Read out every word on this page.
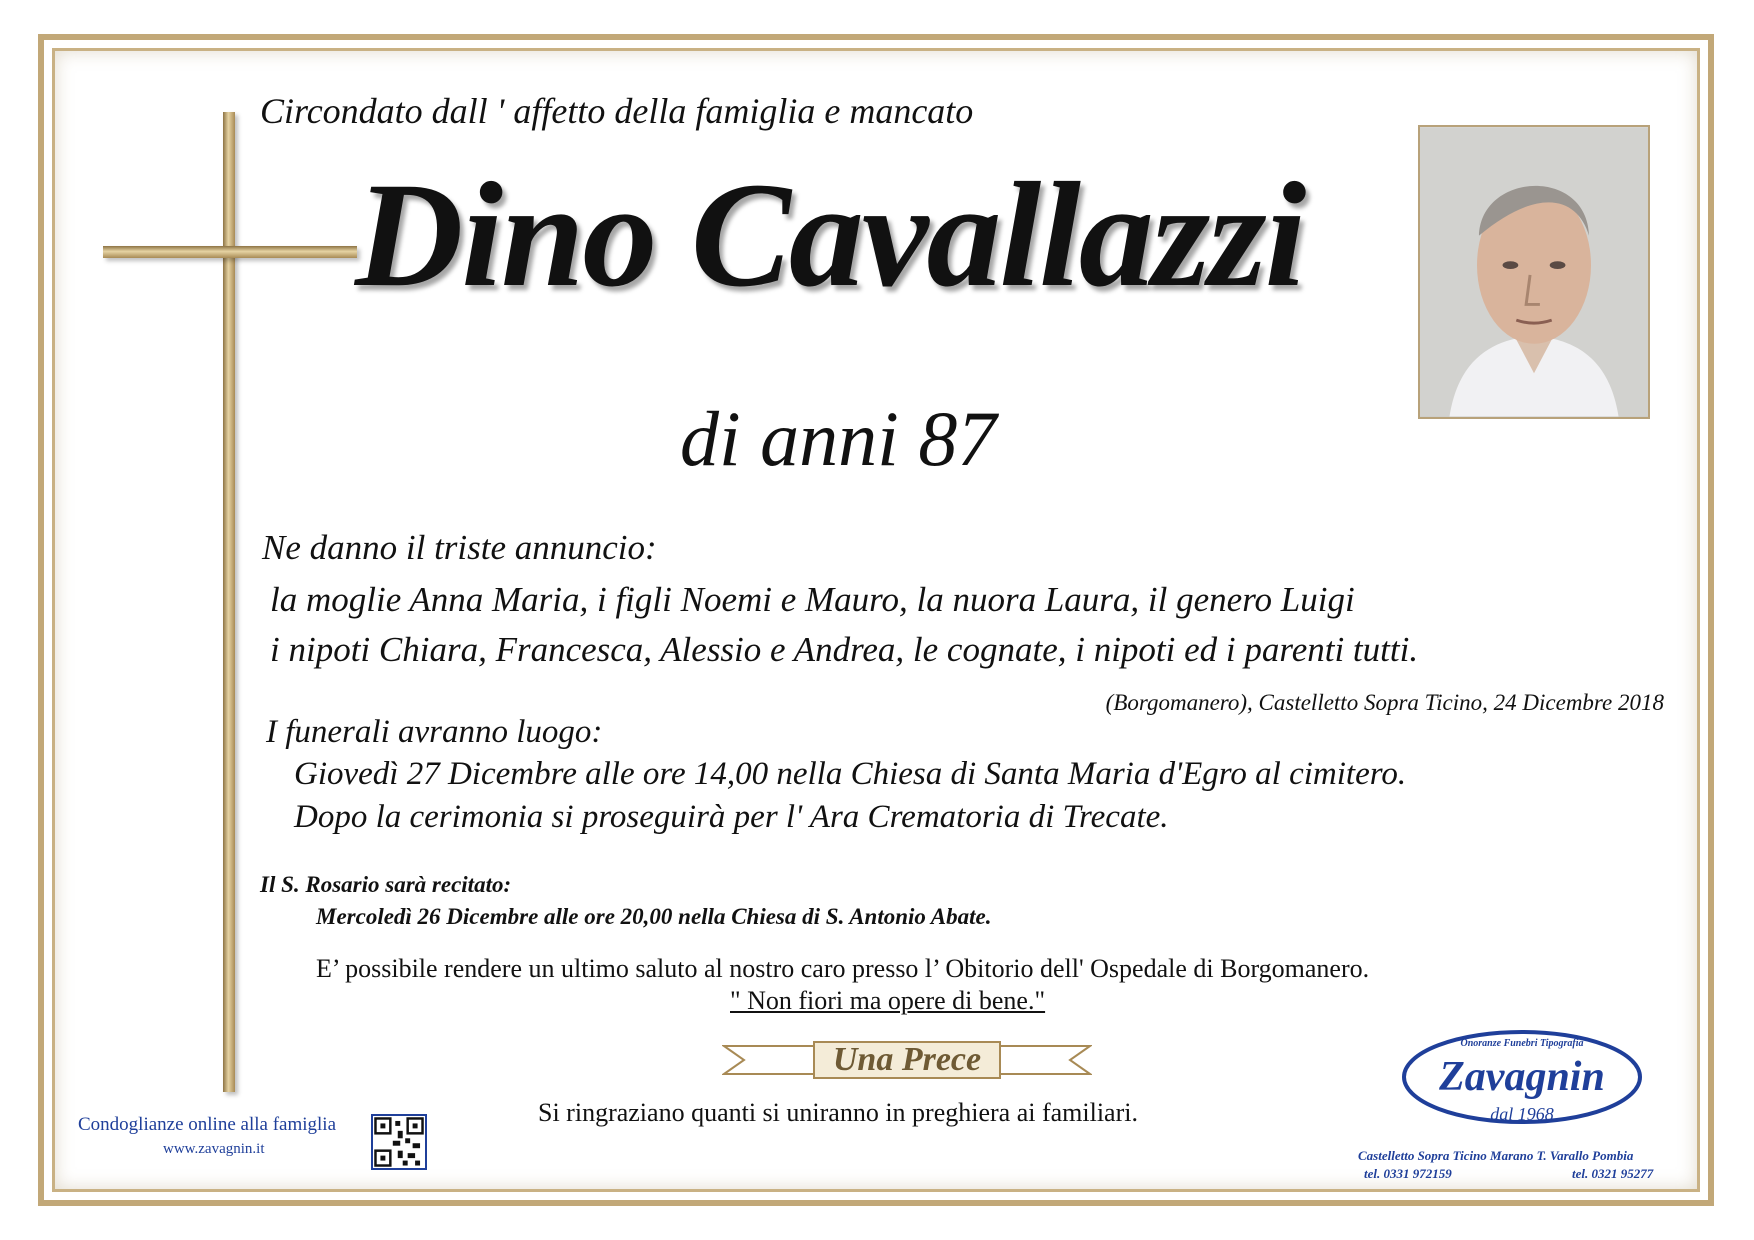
Circondato dall ' affetto della famiglia e mancato
Dino Cavallazzi
di anni 87
Ne danno il triste annuncio:
la moglie Anna Maria, i figli Noemi e Mauro, la nuora Laura, il genero Luigi
i nipoti Chiara, Francesca, Alessio e Andrea, le cognate, i nipoti ed i parenti tutti.
(Borgomanero), Castelletto Sopra Ticino, 24 Dicembre 2018
I funerali avranno luogo:
Giovedì 27 Dicembre alle ore 14,00 nella Chiesa di Santa Maria d'Egro al cimitero.
Dopo la cerimonia si proseguirà per l' Ara Crematoria di Trecate.
Il S. Rosario sarà recitato:
Mercoledì 26 Dicembre alle ore 20,00 nella Chiesa di S. Antonio Abate.
E’ possibile rendere un ultimo saluto al nostro caro presso l’ Obitorio dell' Ospedale di Borgomanero.
" Non fiori ma opere di bene."
Una Prece
Si ringraziano quanti si uniranno in preghiera ai familiari.
Condoglianze online alla famiglia
www.zavagnin.it
Onoranze Funebri Tipografia
Zavagnin
dal 1968
Castelletto Sopra Ticino Marano T. Varallo Pombia
tel. 0331 972159	tel. 0321 95277
